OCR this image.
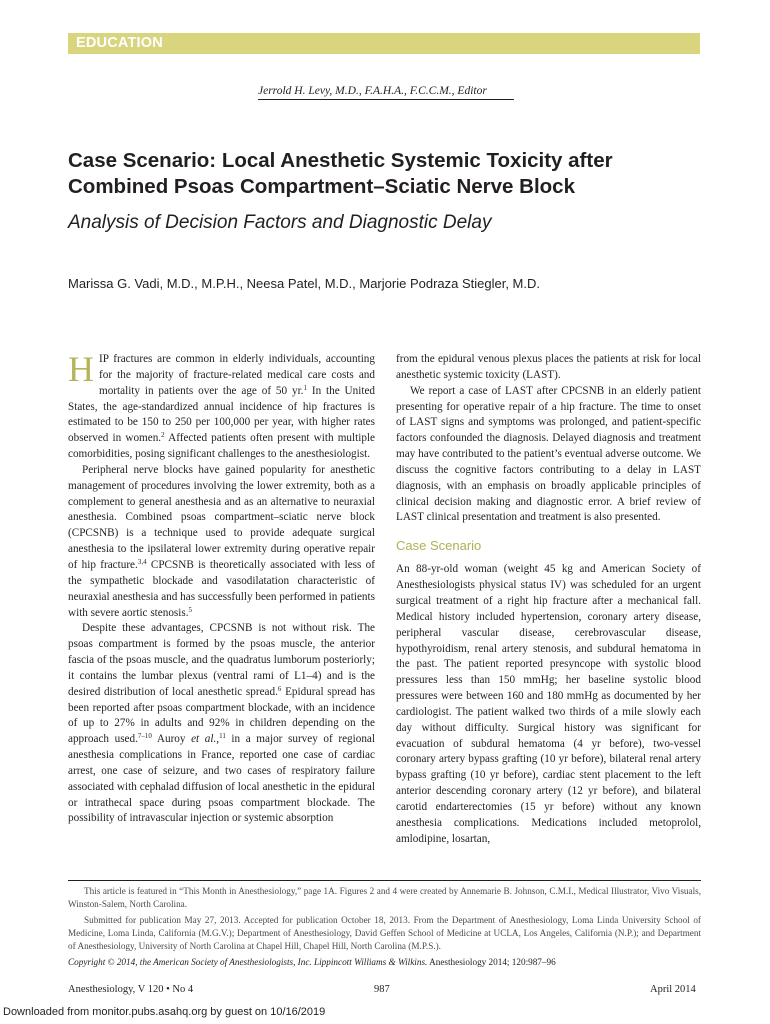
EDUCATION
Jerrold H. Levy, M.D., F.A.H.A., F.C.C.M., Editor
Case Scenario: Local Anesthetic Systemic Toxicity after Combined Psoas Compartment–Sciatic Nerve Block
Analysis of Decision Factors and Diagnostic Delay
Marissa G. Vadi, M.D., M.P.H., Neesa Patel, M.D., Marjorie Podraza Stiegler, M.D.

HIP fractures are common in elderly individuals, accounting for the majority of fracture-related medical care costs and mortality in patients over the age of 50 yr.$^1$ In the United States, the age-standardized annual incidence of hip fractures is estimated to be 150 to 250 per 100,000 per year, with higher rates observed in women.$^2$ Affected patients often present with multiple comorbidities, posing significant challenges to the anesthesiologist.

Peripheral nerve blocks have gained popularity for anesthetic management of procedures involving the lower extremity, both as a complement to general anesthesia and as an alternative to neuraxial anesthesia. Combined psoas compartment–sciatic nerve block (CPCSNB) is a technique used to provide adequate surgical anesthesia to the ipsilateral lower extremity during operative repair of hip fracture.$^{3,4}$ CPCSNB is theoretically associated with less of the sympathetic blockade and vasodilatation characteristic of neuraxial anesthesia and has successfully been performed in patients with severe aortic stenosis.$^5$

Despite these advantages, CPCSNB is not without risk. The psoas compartment is formed by the psoas muscle, the anterior fascia of the psoas muscle, and the quadratus lumborum posteriorly; it contains the lumbar plexus (ventral rami of L1–4) and is the desired distribution of local anesthetic spread.$^6$ Epidural spread has been reported after psoas compartment blockade, with an incidence of up to 27% in adults and 92% in children depending on the approach used.$^{7-10}$ Auroy et al.,$^{11}$ in a major survey of regional anesthesia complications in France, reported one case of cardiac arrest, one case of seizure, and two cases of respiratory failure associated with cephalad diffusion of local anesthetic in the epidural or intrathecal space during psoas compartment blockade. The possibility of intravascular injection or systemic absorption

from the epidural venous plexus places the patients at risk for local anesthetic systemic toxicity (LAST).

We report a case of LAST after CPCSNB in an elderly patient presenting for operative repair of a hip fracture. The time to onset of LAST signs and symptoms was prolonged, and patient-specific factors confounded the diagnosis. Delayed diagnosis and treatment may have contributed to the patient’s eventual adverse outcome. We discuss the cognitive factors contributing to a delay in LAST diagnosis, with an emphasis on broadly applicable principles of clinical decision making and diagnostic error. A brief review of LAST clinical presentation and treatment is also presented.

Case Scenario

An 88-yr-old woman (weight 45 kg and American Society of Anesthesiologists physical status IV) was scheduled for an urgent surgical treatment of a right hip fracture after a mechanical fall. Medical history included hypertension, coronary artery disease, peripheral vascular disease, cerebrovascular disease, hypothyroidism, renal artery stenosis, and subdural hematoma in the past. The patient reported presyncope with systolic blood pressures less than 150 mmHg; her baseline systolic blood pressures were between 160 and 180 mmHg as documented by her cardiologist. The patient walked two thirds of a mile slowly each day without difficulty. Surgical history was significant for evacuation of subdural hematoma (4 yr before), two-vessel coronary artery bypass grafting (10 yr before), bilateral renal artery bypass grafting (10 yr before), cardiac stent placement to the left anterior descending coronary artery (12 yr before), and bilateral carotid endarterectomies (15 yr before) without any known anesthesia complications. Medications included metoprolol, amlodipine, losartan,

This article is featured in “This Month in Anesthesiology,” page 1A. Figures 2 and 4 were created by Annemarie B. Johnson, C.M.I., Medical Illustrator, Vivo Visuals, Winston-Salem, North Carolina.

Submitted for publication May 27, 2013. Accepted for publication October 18, 2013. From the Department of Anesthesiology, Loma Linda University School of Medicine, Loma Linda, California (M.G.V.); Department of Anesthesiology, David Geffen School of Medicine at UCLA, Los Angeles, California (N.P.); and Department of Anesthesiology, University of North Carolina at Chapel Hill, Chapel Hill, North Carolina (M.P.S.).

Copyright © 2014, the American Society of Anesthesiologists, Inc. Lippincott Williams & Wilkins. Anesthesiology 2014; 120:987–96

Anesthesiology, V 120 • No 4	987	April 2014
Downloaded from monitor.pubs.asahq.org by guest on 10/16/2019
